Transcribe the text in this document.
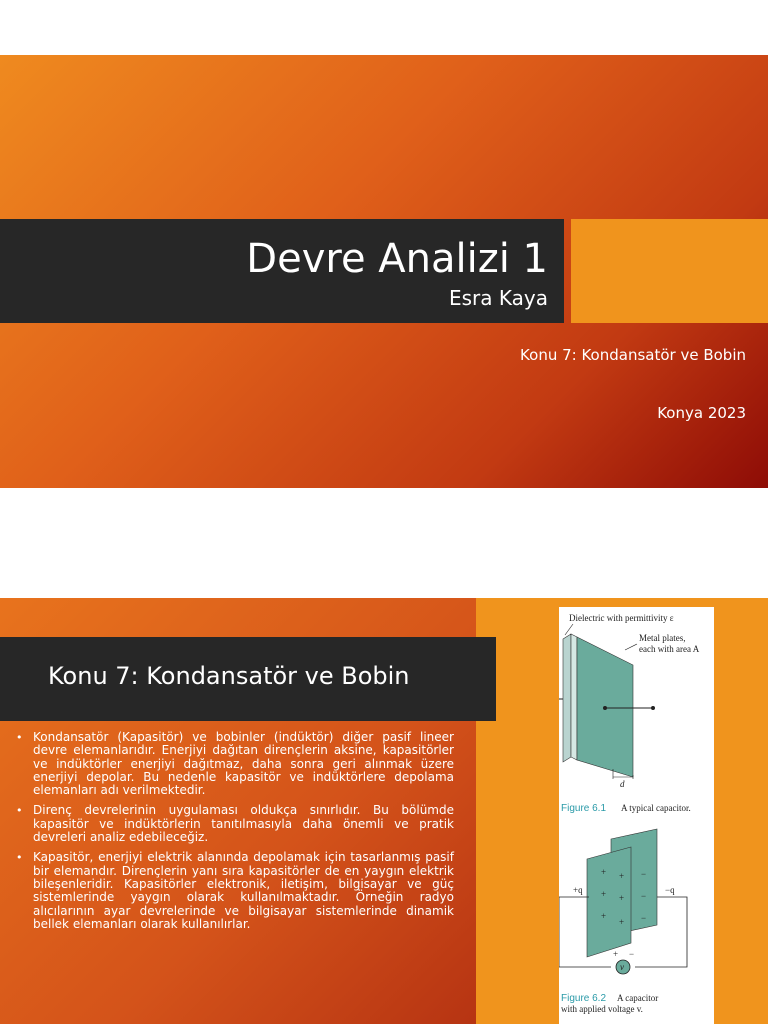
Devre Analizi 1
Esra Kaya
Konu 7: Kondansatör ve Bobin
Konya 2023
Konu 7: Kondansatör ve Bobin
• Kondansatör (Kapasitör) ve bobinler (indüktör) diğer pasif lineer devre elemanlarıdır. Enerjiyi dağıtan dirençlerin aksine, kapasitörler ve indüktörler enerjiyi dağıtmaz, daha sonra geri alınmak üzere enerjiyi depolar. Bu nedenle kapasitör ve indüktörlere depolama elemanları adı verilmektedir.
• Direnç devrelerinin uygulaması oldukça sınırlıdır. Bu bölümde kapasitör ve indüktörlerin tanıtılmasıyla daha önemli ve pratik devreleri analiz edebileceğiz.
• Kapasitör, enerjiyi elektrik alanında depolamak için tasarlanmış pasif bir elemandır. Dirençlerin yanı sıra kapasitörler de en yaygın elektrik bileşenleridir. Kapasitörler elektronik, iletişim, bilgisayar ve güç sistemlerinde yaygın olarak kullanılmaktadır. Örneğin radyo alıcılarının ayar devrelerinde ve bilgisayar sistemlerinde dinamik bellek elemanları olarak kullanılırlar.
Dielectric with permittivity ε
Metal plates,
each with area A
d
Figure 6.1 A typical capacitor.
+ +
+ +
+
+
−
−
−
+q	−q
v
+ −
Figure 6.2 A capacitor
with applied voltage v.
